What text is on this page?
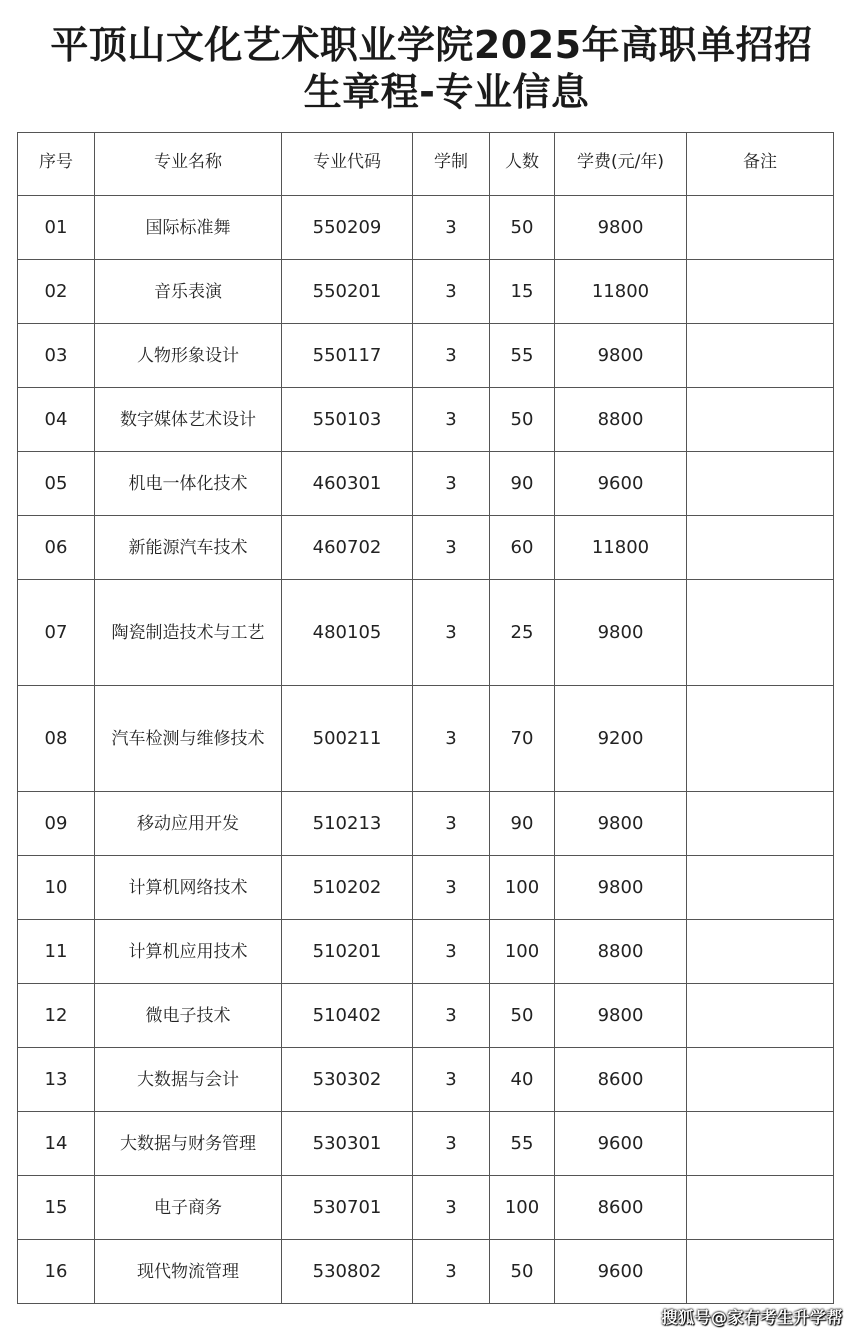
平顶山文化艺术职业学院2025年高职单招招
生章程-专业信息
序号	专业名称	专业代码	学制	人数	学费(元/年)	备注
01	国际标准舞	550209	3	50	9800	
02	音乐表演	550201	3	15	11800	
03	人物形象设计	550117	3	55	9800	
04	数字媒体艺术设计	550103	3	50	8800	
05	机电一体化技术	460301	3	90	9600	
06	新能源汽车技术	460702	3	60	11800	
07	陶瓷制造技术与工艺	480105	3	25	9800	
08	汽车检测与维修技术	500211	3	70	9200	
09	移动应用开发	510213	3	90	9800	
10	计算机网络技术	510202	3	100	9800	
11	计算机应用技术	510201	3	100	8800	
12	微电子技术	510402	3	50	9800	
13	大数据与会计	530302	3	40	8600	
14	大数据与财务管理	530301	3	55	9600	
15	电子商务	530701	3	100	8600	
16	现代物流管理	530802	3	50	9600	
搜狐号@家有考生升学帮
